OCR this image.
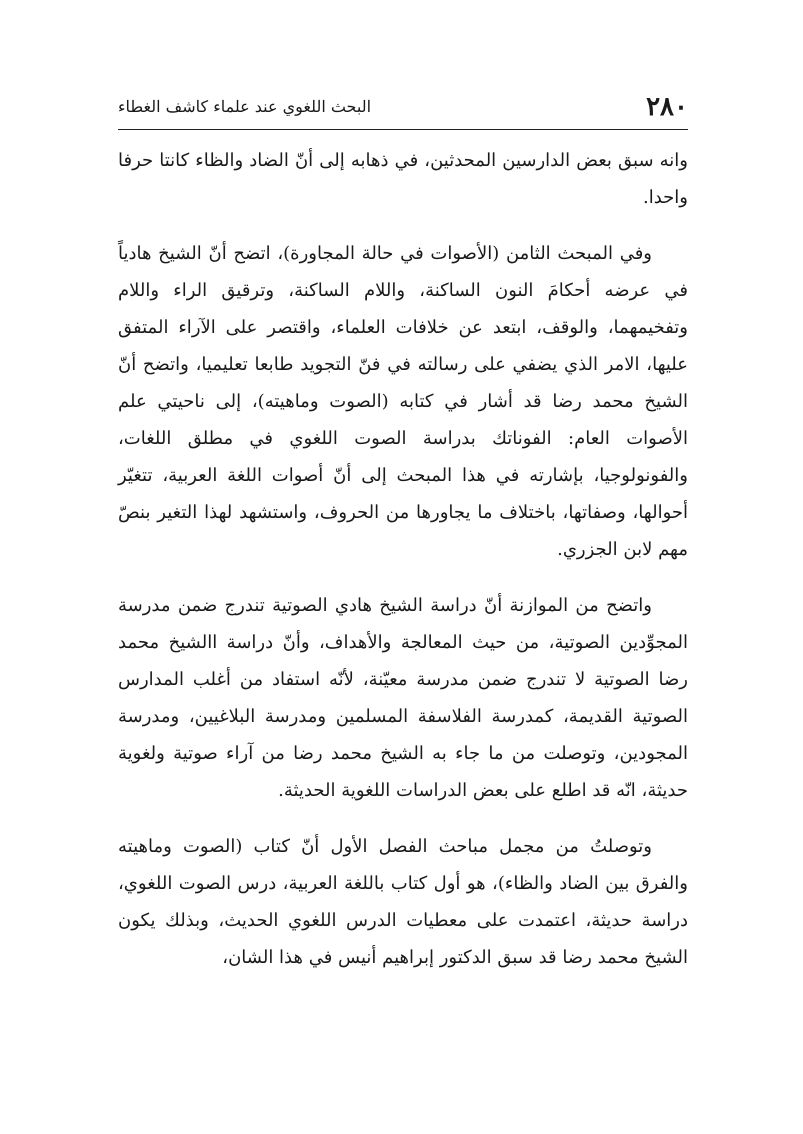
٢٨٠
البحث اللغوي عند علماء كاشف الغطاء

وانه سبق بعض الدارسين المحدثين، في ذهابه إلى أنّ الضاد والظاء كانتا حرفا واحدا.

وفي المبحث الثامن (الأصوات في حالة المجاورة)، اتضح أنّ الشيخ هادياً في عرضه أحكامَ النون الساكنة، واللام الساكنة، وترقيق الراء واللام وتفخيمهما، والوقف، ابتعد عن خلافات العلماء، واقتصر على الآراء المتفق عليها، الامر الذي يضفي على رسالته في فنّ التجويد طابعا تعليميا، واتضح أنّ الشيخ محمد رضا قد أشار في كتابه (الصوت وماهيته)، إلى ناحيتي علم الأصوات العام: الفوناتك بدراسة الصوت اللغوي في مطلق اللغات، والفونولوجيا، بإشارته في هذا المبحث إلى أنّ أصوات اللغة العربية، تتغيّر أحوالها، وصفاتها، باختلاف ما يجاورها من الحروف، واستشهد لهذا التغير بنصّ مهم لابن الجزري.

واتضح من الموازنة أنّ دراسة الشيخ هادي الصوتية تندرج ضمن مدرسة المجوِّدين الصوتية، من حيث المعالجة والأهداف، وأنّ دراسة االشيخ محمد رضا الصوتية لا تندرج ضمن مدرسة معيّنة، لأنّه استفاد من أغلب المدارس الصوتية القديمة، كمدرسة الفلاسفة المسلمين ومدرسة البلاغيين، ومدرسة المجودين، وتوصلت من ما جاء به الشيخ محمد رضا من آراء صوتية ولغوية حديثة، انّه قد اطلع على بعض الدراسات اللغوية الحديثة.

وتوصلتُ من مجمل مباحث الفصل الأول أنّ كتاب (الصوت وماهيته والفرق بين الضاد والظاء)، هو أول كتاب باللغة العربية، درس الصوت اللغوي، دراسة حديثة، اعتمدت على معطيات الدرس اللغوي الحديث، وبذلك يكون الشيخ محمد رضا قد سبق الدكتور إبراهيم أنيس في هذا الشان،
